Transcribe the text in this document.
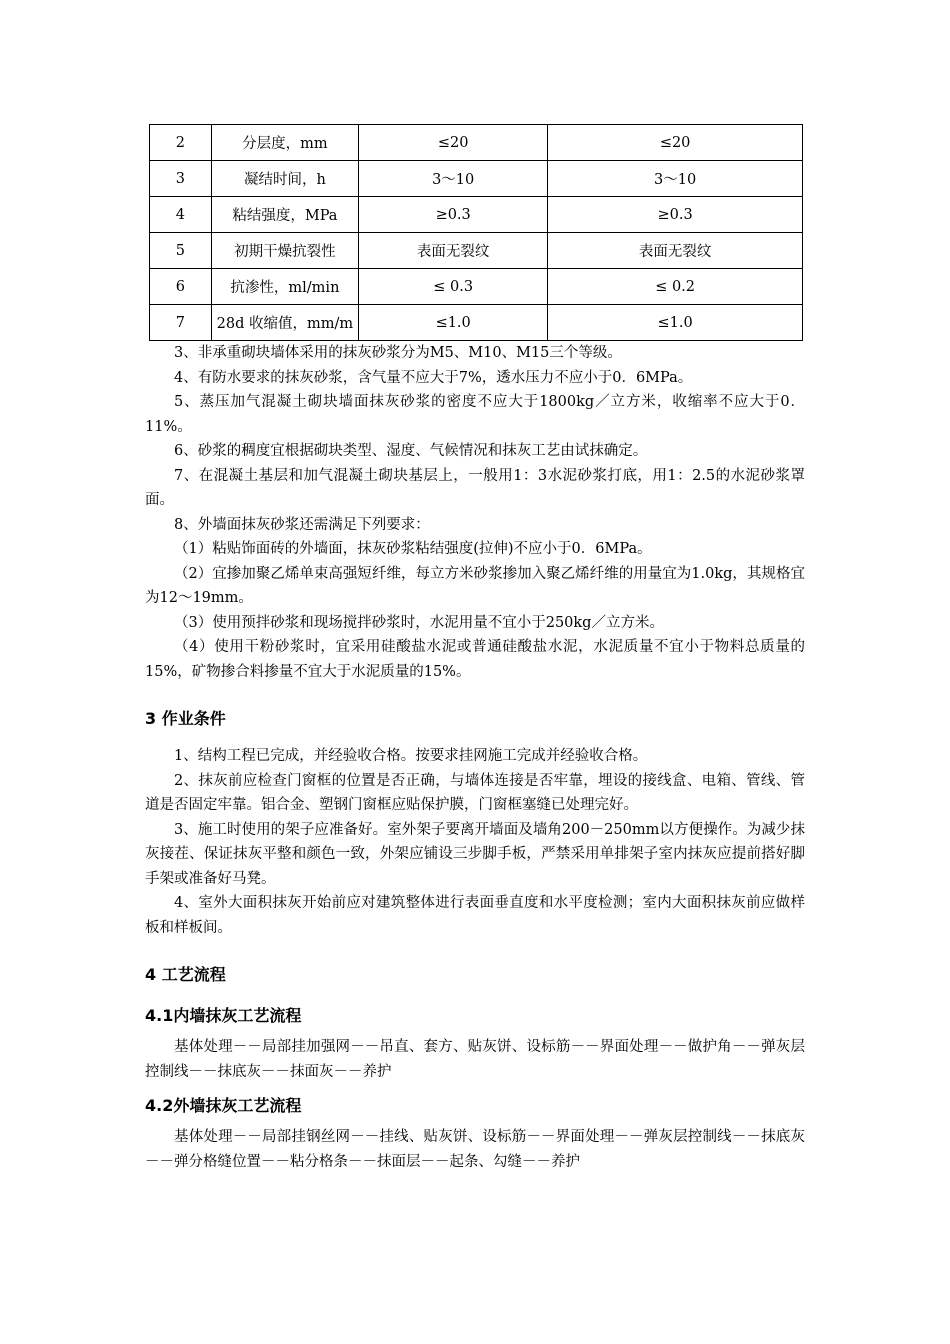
2	分层度，mm	≤20	≤20
3	凝结时间，h	3～10	3～10
4	粘结强度，MPa	≥0.3	≥0.3
5	初期干燥抗裂性	表面无裂纹	表面无裂纹
6	抗渗性，ml/min	≤ 0.3	≤ 0.2
7	28d 收缩值，mm/m	≤1.0	≤1.0

3、非承重砌块墙体采用的抹灰砂浆分为M5、M10、M15三个等级。

4、有防水要求的抹灰砂浆，含气量不应大于7%，透水压力不应小于0．6MPa。

5、蒸压加气混凝土砌块墙面抹灰砂浆的密度不应大于1800kg／立方米，收缩率不应大于0．11%。

6、砂浆的稠度宜根据砌块类型、湿度、气候情况和抹灰工艺由试抹确定。

7、在混凝土基层和加气混凝土砌块基层上，一般用1：3水泥砂浆打底，用1：2.5的水泥砂浆罩面。

8、外墙面抹灰砂浆还需满足下列要求：

（1）粘贴饰面砖的外墙面，抹灰砂浆粘结强度(拉伸)不应小于0．6MPa。

（2）宜掺加聚乙烯单束高强短纤维，每立方米砂浆掺加入聚乙烯纤维的用量宜为1.0kg，其规格宜为12～19mm。

（3）使用预拌砂浆和现场搅拌砂浆时，水泥用量不宜小于250kg／立方米。

（4）使用干粉砂浆时，宜采用硅酸盐水泥或普通硅酸盐水泥，水泥质量不宜小于物料总质量的15%，矿物掺合料掺量不宜大于水泥质量的15%。

3 作业条件

1、结构工程已完成，并经验收合格。按要求挂网施工完成并经验收合格。

2、抹灰前应检查门窗框的位置是否正确，与墙体连接是否牢靠，埋设的接线盒、电箱、管线、管道是否固定牢靠。铝合金、塑钢门窗框应贴保护膜，门窗框塞缝已处理完好。

3、施工时使用的架子应准备好。室外架子要离开墙面及墙角200－250mm以方便操作。为减少抹灰接茬、保证抹灰平整和颜色一致，外架应铺设三步脚手板，严禁采用单排架子室内抹灰应提前搭好脚手架或准备好马凳。

4、室外大面积抹灰开始前应对建筑整体进行表面垂直度和水平度检测；室内大面积抹灰前应做样板和样板间。

4 工艺流程
4.1内墙抹灰工艺流程

基体处理－－局部挂加强网－－吊直、套方、贴灰饼、设标筋－－界面处理－－做护角－－弹灰层控制线－－抹底灰－－抹面灰－－养护

4.2外墙抹灰工艺流程

基体处理－－局部挂钢丝网－－挂线、贴灰饼、设标筋－－界面处理－－弹灰层控制线－－抹底灰－－弹分格缝位置－－粘分格条－－抹面层－－起条、勾缝－－养护
